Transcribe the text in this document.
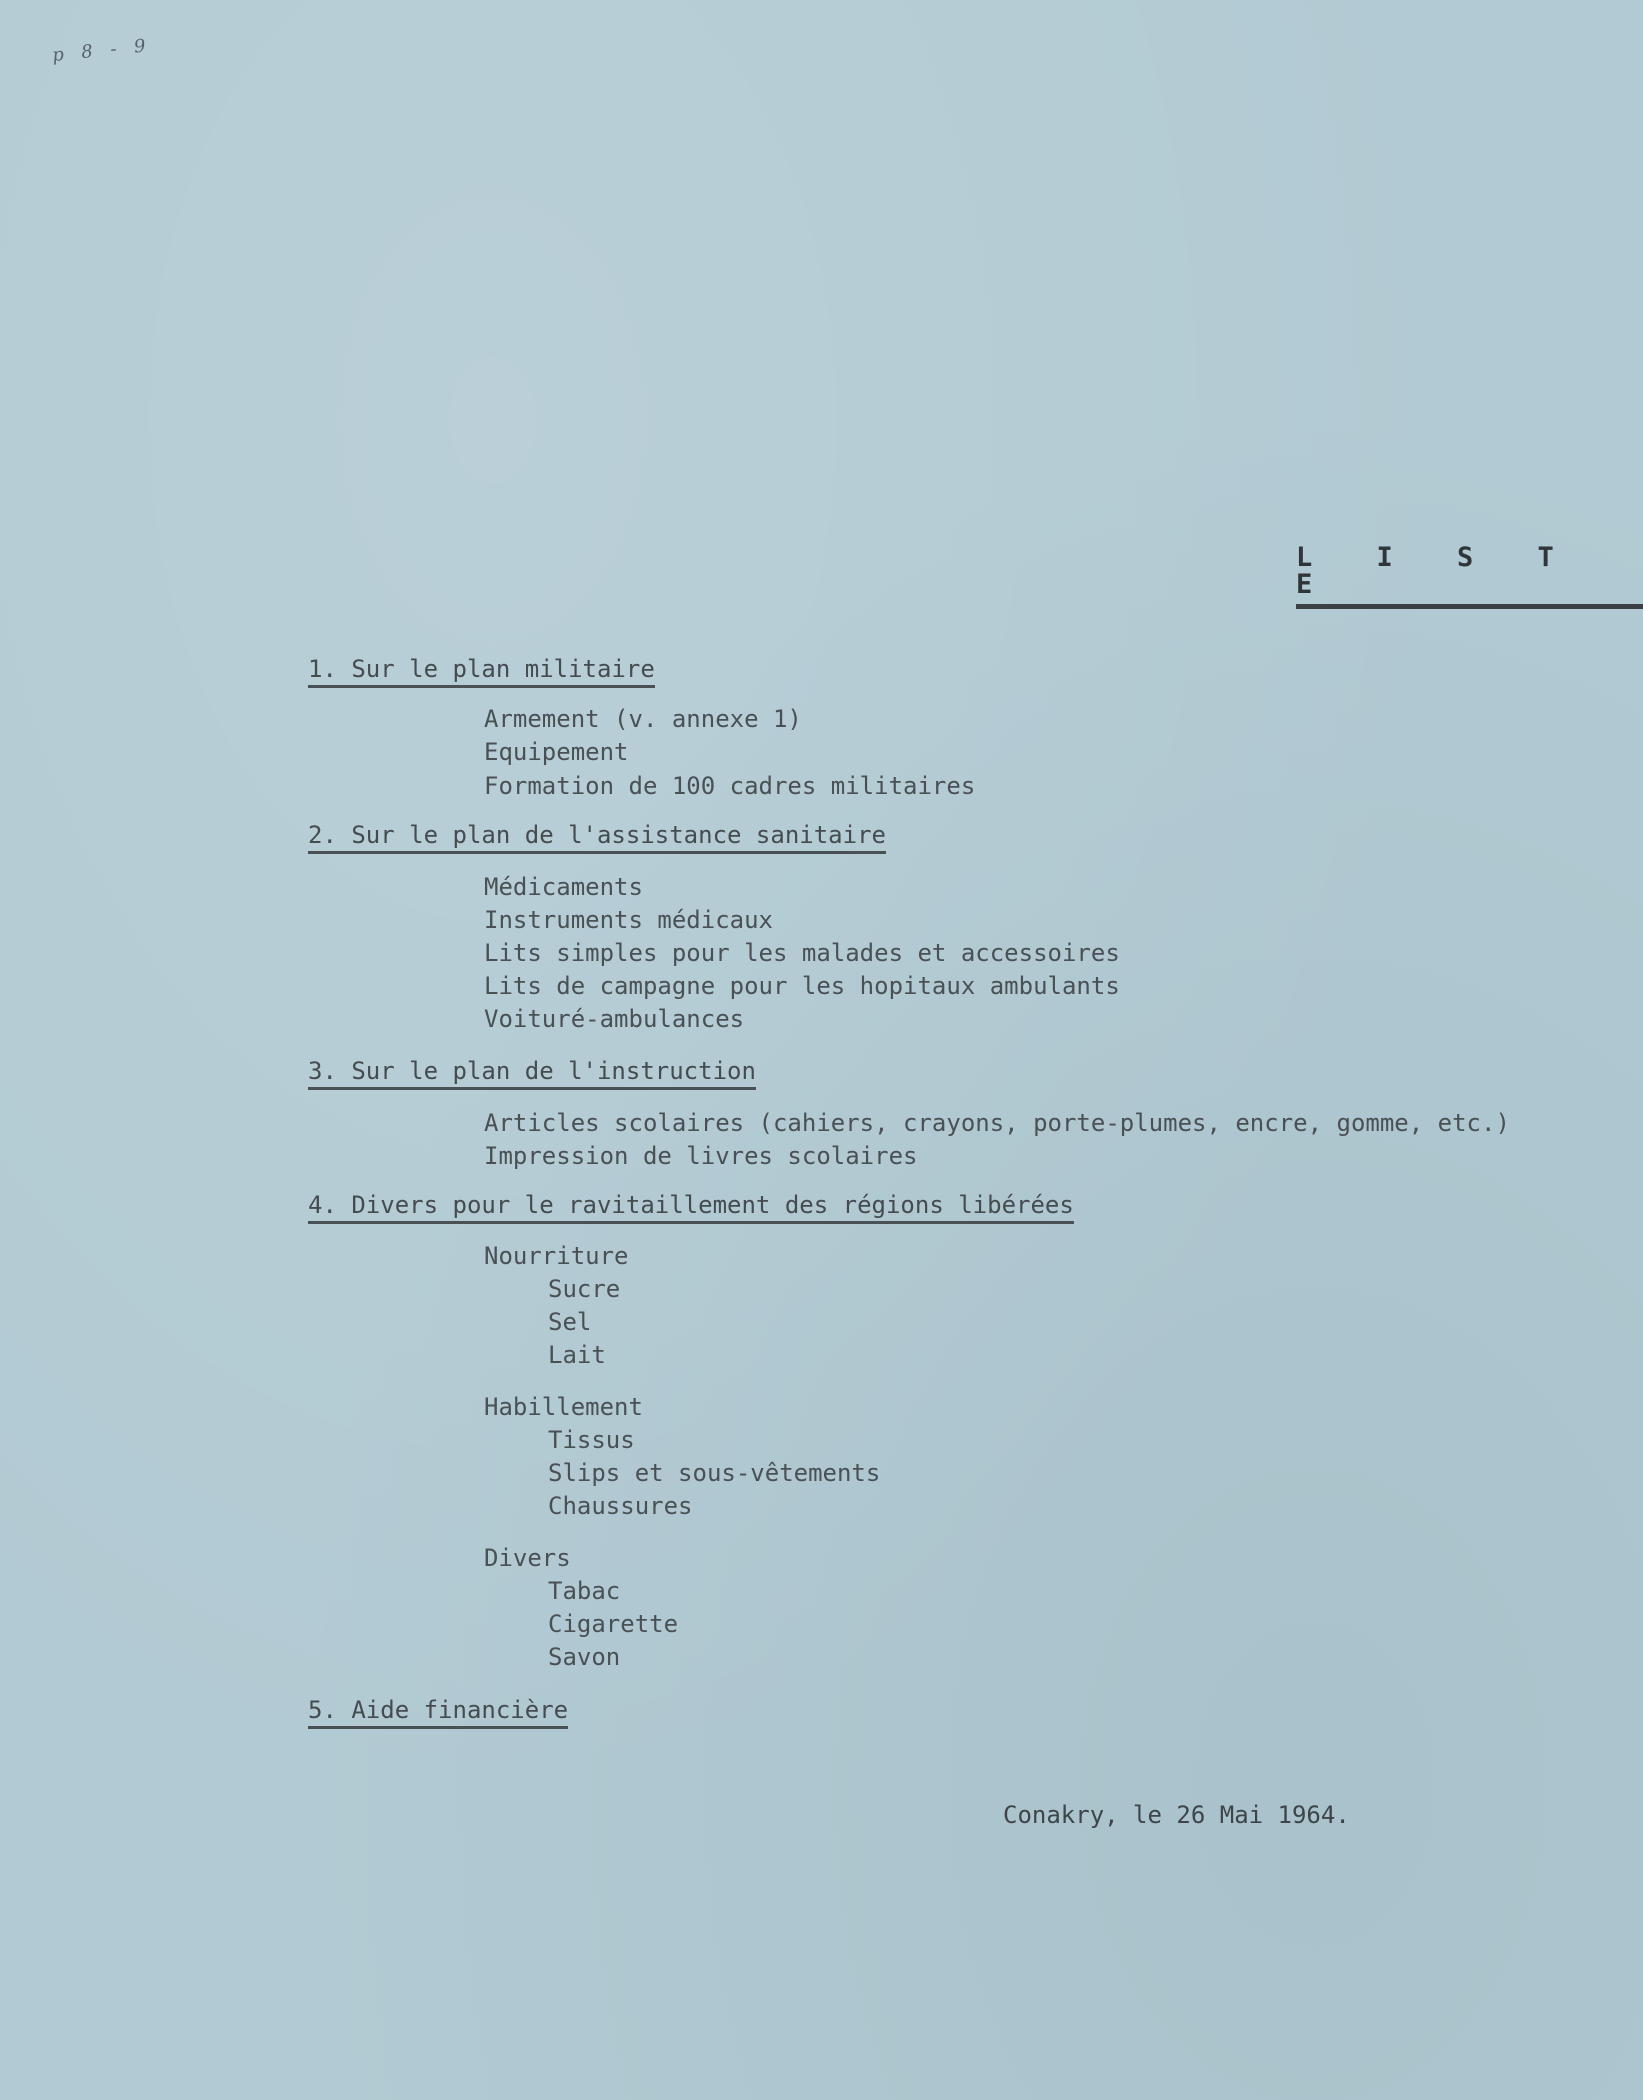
p 8 - 9
L I S T E
1. Sur le plan militaire
Armement (v. annexe 1)
Equipement
Formation de 100 cadres militaires
2. Sur le plan de l'assistance sanitaire
Médicaments
Instruments médicaux
Lits simples pour les malades et accessoires
Lits de campagne pour les hopitaux ambulants
Voituré-ambulances
3. Sur le plan de l'instruction
Articles scolaires (cahiers, crayons, porte-plumes, encre, gomme, etc.)
Impression de livres scolaires
4. Divers pour le ravitaillement des régions libérées
Nourriture
Sucre
Sel
Lait
Habillement
Tissus
Slips et sous-vêtements
Chaussures
Divers
Tabac
Cigarette
Savon
5. Aide financière
Conakry, le 26 Mai 1964.
